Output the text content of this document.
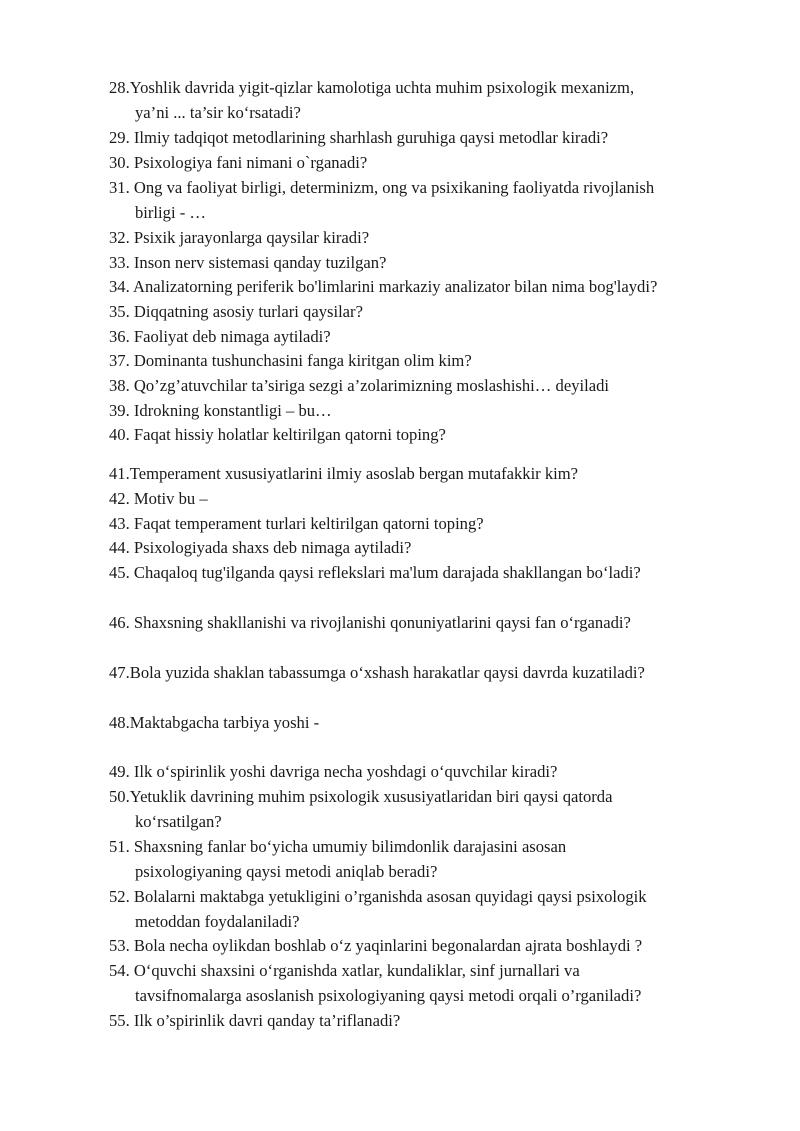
28.Yoshlik davrida yigit-qizlar kamolotiga uchta muhim psixologik mexanizm,
ya’ni ... ta’sir ko‘rsatadi?
29. Ilmiy tadqiqot metodlarining sharhlash guruhiga qaysi metodlar kiradi?
30. Psixologiya fani nimani o`rganadi?
31. Ong va faoliyat birligi, determinizm, ong va psixikaning faoliyatda rivojlanish
birligi - …
32. Psixik jarayonlarga qaysilar kiradi?
33. Inson nerv sistemasi qanday tuzilgan?
34. Analizatorning periferik bo'limlarini markaziy analizator bilan nima bog'laydi?
35. Diqqatning asosiy turlari qaysilar?
36. Faoliyat deb nimaga aytiladi?
37. Dominanta tushunchasini fanga kiritgan olim kim?
38. Qo’zg’atuvchilar ta’siriga sezgi a’zolarimizning moslashishi… deyiladi
39. Idrokning konstantligi – bu…
40. Faqat hissiy holatlar keltirilgan qatorni toping?
41.Temperament xususiyatlarini ilmiy asoslab bergan mutafakkir kim?
42. Motiv bu –
43. Faqat temperament turlari keltirilgan qatorni toping?
44. Psixologiyada shaxs deb nimaga aytiladi?
45. Chaqaloq tug'ilganda qaysi reflekslari ma'lum darajada shakllangan bo‘ladi?
46. Shaxsning shakllanishi va rivojlanishi qonuniyatlarini qaysi fan o‘rganadi?
47.Bola yuzida shaklan tabassumga o‘xshash harakatlar qaysi davrda kuzatiladi?
48.Maktabgacha tarbiya yoshi -
49. Ilk o‘spirinlik yoshi davriga necha yoshdagi o‘quvchilar kiradi?
50.Yetuklik davrining muhim psixologik xususiyatlaridan biri qaysi qatorda
ko‘rsatilgan?
51. Shaxsning fanlar bo‘yicha umumiy bilimdonlik darajasini asosan
psixologiyaning qaysi metodi aniqlab beradi?
52. Bolalarni maktabga yetukligini o’rganishda asosan quyidagi qaysi psixologik
metoddan foydalaniladi?
53. Bola necha oylikdan boshlab o‘z yaqinlarini begonalardan ajrata boshlaydi ?
54. O‘quvchi shaxsini o‘rganishda xatlar, kundaliklar, sinf jurnallari va
tavsifnomalarga asoslanish psixologiyaning qaysi metodi orqali o’rganiladi?
55. Ilk o’spirinlik davri qanday ta’riflanadi?
